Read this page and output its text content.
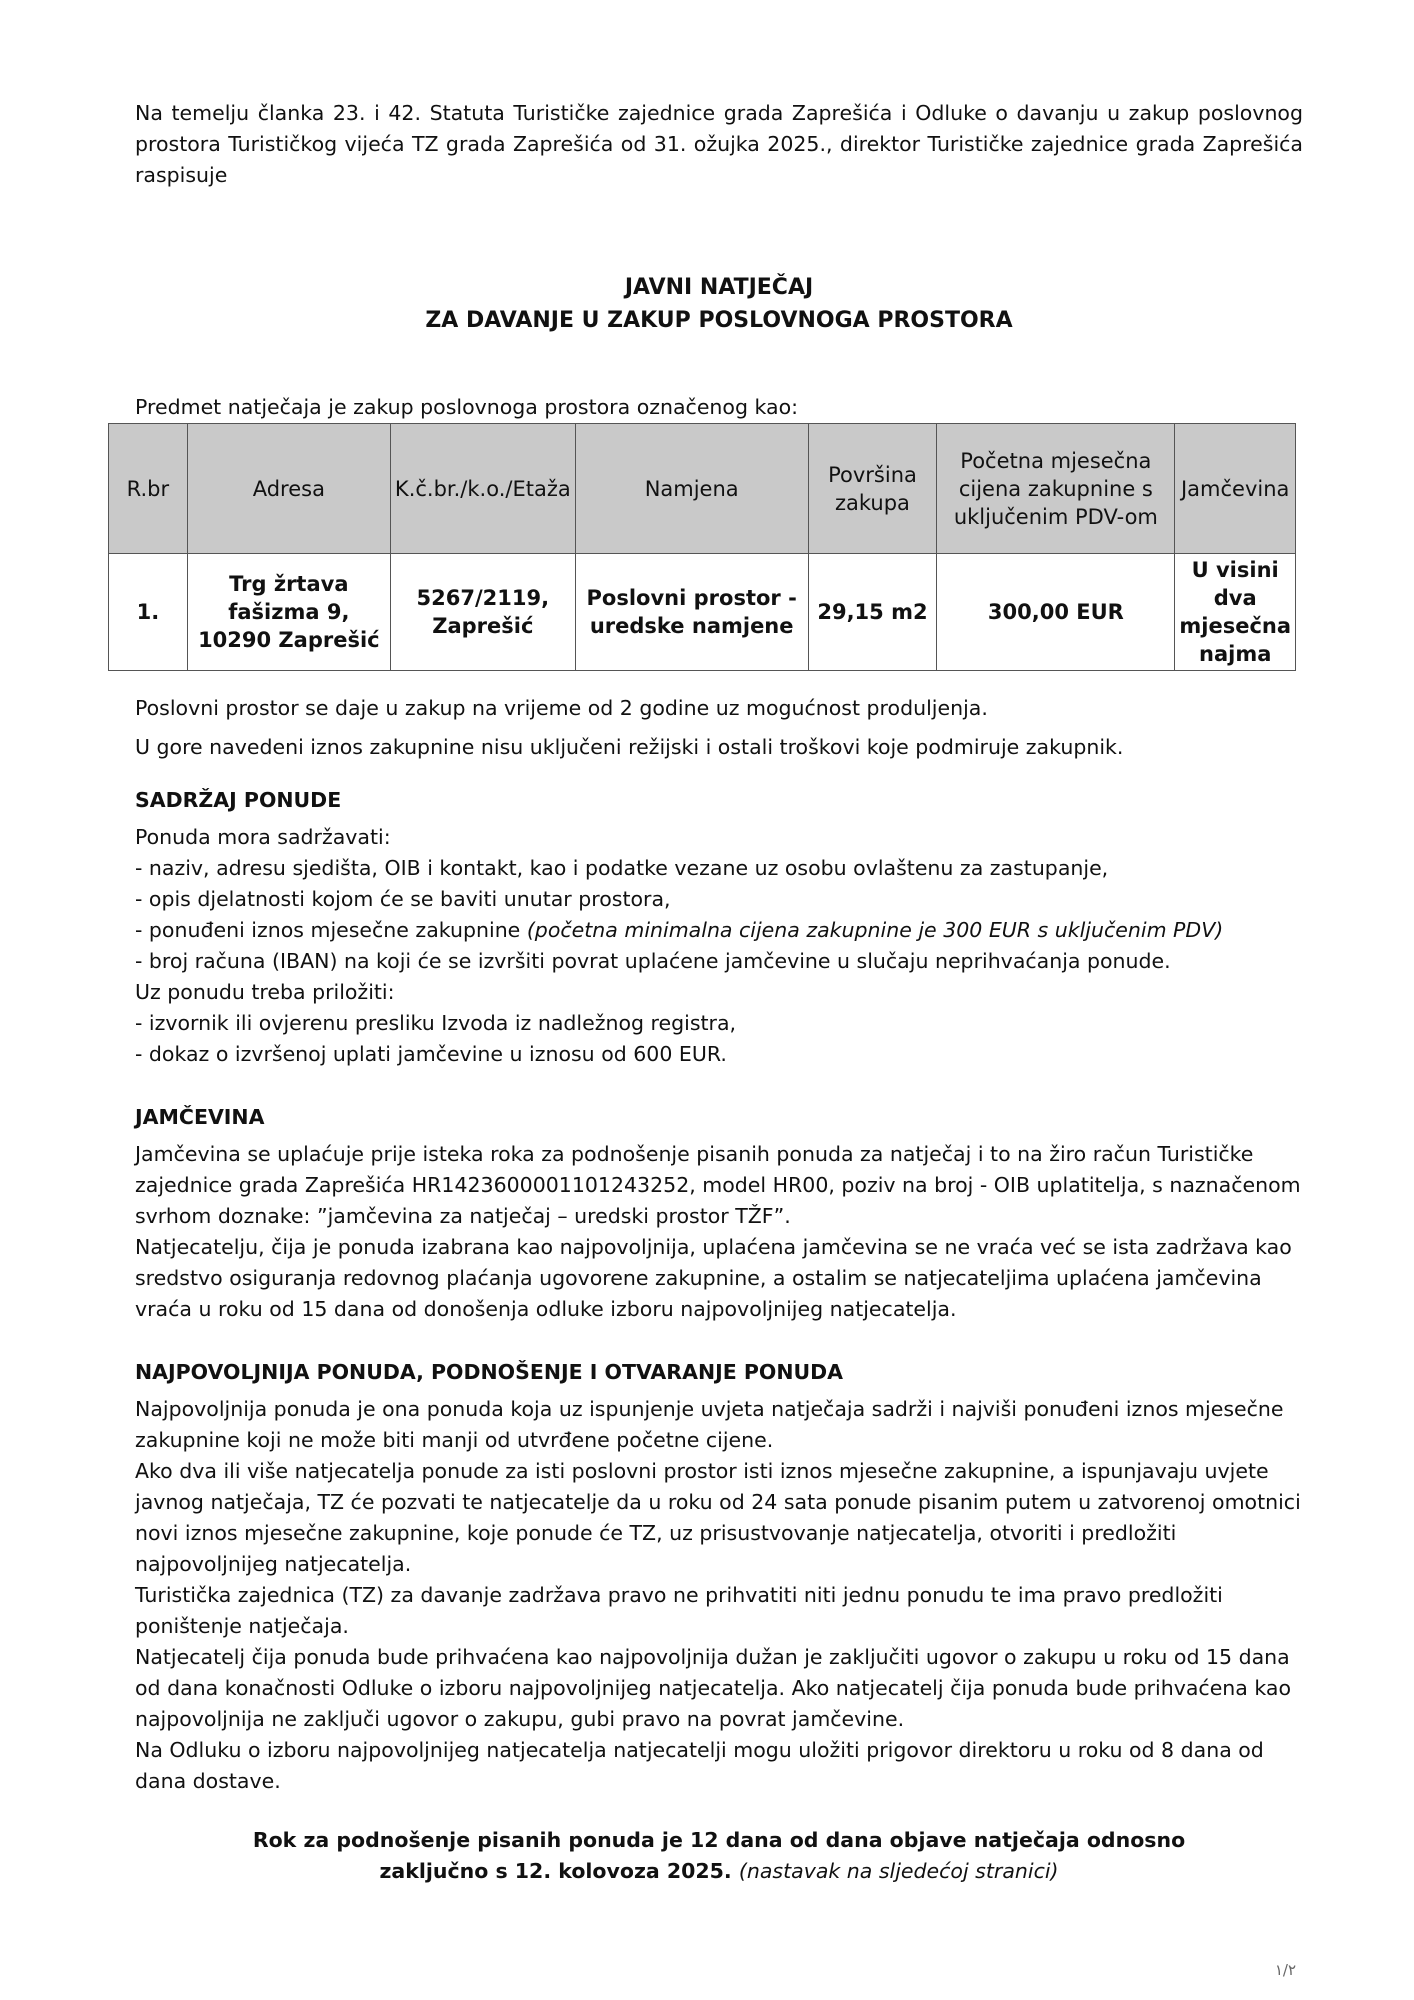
Na temelju članka 23. i 42. Statuta Turističke zajednice grada Zaprešića i Odluke o davanju u zakup poslovnog prostora Turističkog vijeća TZ grada Zaprešića od 31. ožujka 2025., direktor Turističke zajednice grada Zaprešića raspisuje

JAVNI NATJEČAJ
ZA DAVANJE U ZAKUP POSLOVNOGA PROSTORA

Predmet natječaja je zakup poslovnoga prostora označenog kao:

R.br	Adresa	K.č.br./k.o./Etaža	Namjena	Površina zakupa	Početna mjesečna cijena zakupnine s uključenim PDV-om	Jamčevina
1.	Trg žrtava fašizma 9, 10290 Zaprešić	5267/2119, Zaprešić	Poslovni prostor - uredske namjene	29,15 m2	300,00 EUR	U visini dva mjesečna najma

Poslovni prostor se daje u zakup na vrijeme od 2 godine uz mogućnost produljenja.

U gore navedeni iznos zakupnine nisu uključeni režijski i ostali troškovi koje podmiruje zakupnik.

SADRŽAJ PONUDE
Ponuda mora sadržavati:
- naziv, adresu sjedišta, OIB i kontakt, kao i podatke vezane uz osobu ovlaštenu za zastupanje,
- opis djelatnosti kojom će se baviti unutar prostora,
- ponuđeni iznos mjesečne zakupnine (početna minimalna cijena zakupnine je 300 EUR s uključenim PDV)
- broj računa (IBAN) na koji će se izvršiti povrat uplaćene jamčevine u slučaju neprihvaćanja ponude.
Uz ponudu treba priložiti:
- izvornik ili ovjerenu presliku Izvoda iz nadležnog registra,
- dokaz o izvršenoj uplati jamčevine u iznosu od 600 EUR.
JAMČEVINA

Jamčevina se uplaćuje prije isteka roka za podnošenje pisanih ponuda za natječaj i to na žiro račun Turističke zajednice grada Zaprešića HR1423600001101243252, model HR00, poziv na broj - OIB uplatitelja, s naznačenom svrhom doznake: ”jamčevina za natječaj – uredski prostor TŽF”.

Natjecatelju, čija je ponuda izabrana kao najpovoljnija, uplaćena jamčevina se ne vraća već se ista zadržava kao sredstvo osiguranja redovnog plaćanja ugovorene zakupnine, a ostalim se natjecateljima uplaćena jamčevina vraća u roku od 15 dana od donošenja odluke izboru najpovoljnijeg natjecatelja.

NAJPOVOLJNIJA PONUDA, PODNOŠENJE I OTVARANJE PONUDA

Najpovoljnija ponuda je ona ponuda koja uz ispunjenje uvjeta natječaja sadrži i najviši ponuđeni iznos mjesečne zakupnine koji ne može biti manji od utvrđene početne cijene.

Ako dva ili više natjecatelja ponude za isti poslovni prostor isti iznos mjesečne zakupnine, a ispunjavaju uvjete javnog natječaja, TZ će pozvati te natjecatelje da u roku od 24 sata ponude pisanim putem u zatvorenoj omotnici novi iznos mjesečne zakupnine, koje ponude će TZ, uz prisustvovanje natjecatelja, otvoriti i predložiti najpovoljnijeg natjecatelja.

Turistička zajednica (TZ) za davanje zadržava pravo ne prihvatiti niti jednu ponudu te ima pravo predložiti poništenje natječaja.

Natjecatelj čija ponuda bude prihvaćena kao najpovoljnija dužan je zaključiti ugovor o zakupu u roku od 15 dana od dana konačnosti Odluke o izboru najpovoljnijeg natjecatelja. Ako natjecatelj čija ponuda bude prihvaćena kao najpovoljnija ne zaključi ugovor o zakupu, gubi pravo na povrat jamčevine.

Na Odluku o izboru najpovoljnijeg natjecatelja natjecatelji mogu uložiti prigovor direktoru u roku od 8 dana od dana dostave.

Rok za podnošenje pisanih ponuda je 12 dana od dana objave natječaja odnosno
zaključno s 12. kolovoza 2025. (nastavak na sljedećoj stranici)
١/٢
